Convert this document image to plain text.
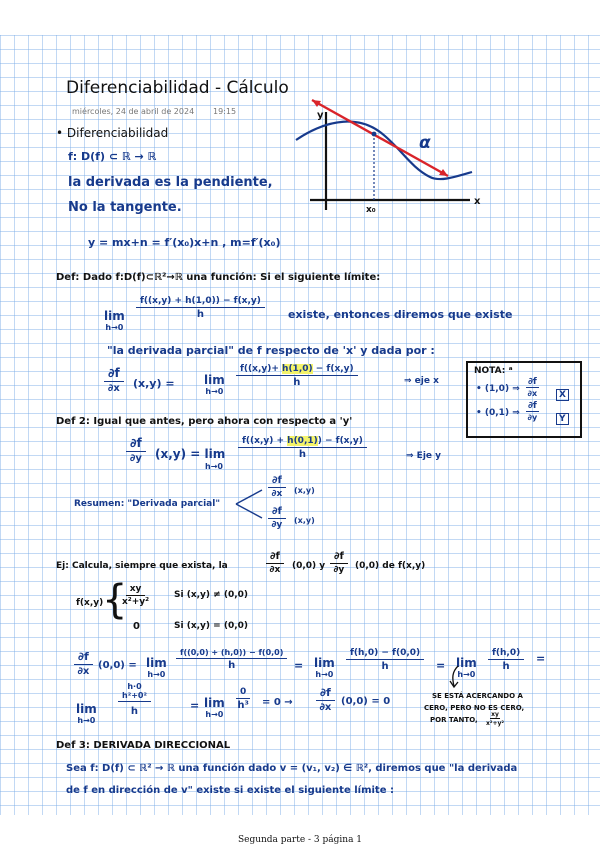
Diferenciabilidad - Cálculo
miércoles, 24 de abril de 2024 19:15
• Diferenciabilidad
f: D(f) ⊂ ℝ → ℝ
la derivada es la pendiente,
No la tangente.
y = mx+n = f′(x₀)x+n , m=f′(x₀)
y
x
x₀
α
Def: Dado f:D(f)⊂ℝ²→ℝ una función: Si el siguiente límite:
lim
h→0
$\frac{f((x,y) + h(1,0)) - f(x,y)}{h}$ existe, entonces diremos que existe
"la derivada parcial" de f respecto de 'x' y dada por :
∂f
∂x (x,y) = lim
h→0
$\frac{f((x,y)+ h(1,0) - f(x,y)}{h}$	⇒ eje x
NOTA: ᵃ
• (1,0) ⇒ $\frac{\partial f}{\partial x}$	X
• (0,1) ⇒ $\frac{\partial f}{\partial y}$	Y
Def 2: Igual que antes, pero ahora con respecto a 'y'
∂f
∂y (x,y) = lim
h→0
$\frac{f((x,y) + h(0,1)) - f(x,y)}{h}$	⇒ Eje y
Resumen: "Derivada parcial"
$\frac{\partial f}{\partial x} (x,y)$
$\frac{\partial f}{\partial y} (x,y)$
Ej: Calcula, siempre que exista, la	$\frac{\partial f}{\partial x} (0,0)$ y $\frac{\partial f}{\partial y} (0,0)$ de f(x,y)
f(x,y)
{
$\frac{xy}{\text{x²+y²}}$	Si (x,y) ≠ (0,0)
0	Si (x,y) = (0,0)
$\frac{\partial f}{\partial x} (0,0) = \lim$
h→0
f((0,0) + (h,0)) − f(0,0)
h	= lim
h→0
$\frac{f(h,0) - f(0,0)}{h} = \lim$
h→0
$\frac{f(h,0)}{h}$ =
lim
h→0
h·0
h²+0²
h	= lim
h→0
$\frac{0}{\text{h³}} = 0 \to \frac{\partial f}{\partial x} (0,0) = 0$	SE ESTÁ ACERCANDO A
CERO, PERO NO ES CERO,
POR TANTO, $\frac{xy}{\text{x²+y²}}$
Def 3: DERIVADA DIRECCIONAL
Sea f: D(f) ⊂ ℝ² → ℝ una función dado v = (v₁, v₂) ∈ ℝ², diremos que "la derivada
de f en dirección de v" existe si existe el siguiente límite :
Segunda parte - 3 página 1
